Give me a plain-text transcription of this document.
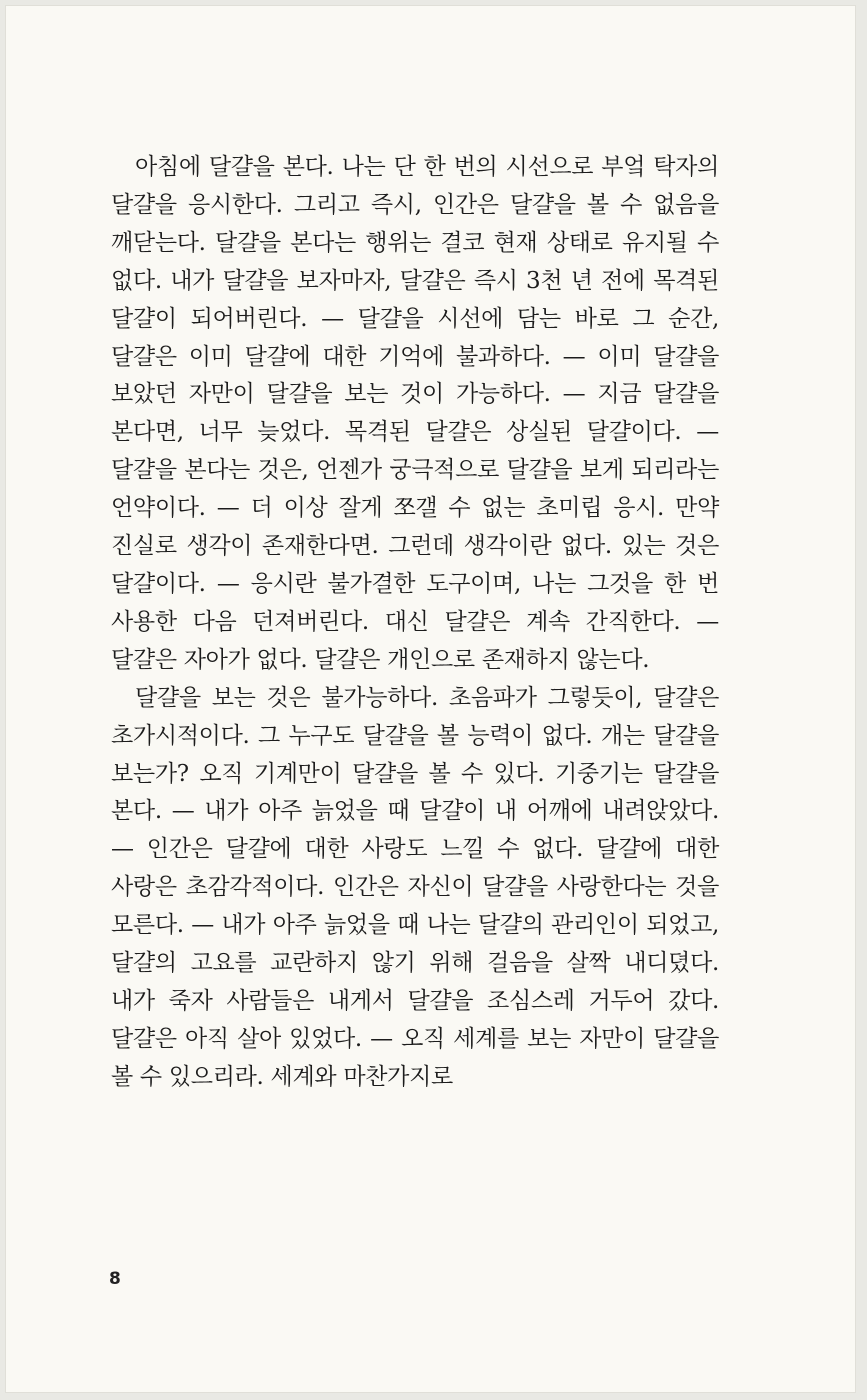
아침에 달걀을 본다. 나는 단 한 번의 시선으로 부엌 탁자의 달걀을 응시한다. 그리고 즉시, 인간은 달걀을 볼 수 없음을 깨닫는다. 달걀을 본다는 행위는 결코 현재 상태로 유지될 수 없다. 내가 달걀을 보자마자, 달걀은 즉시 3천 년 전에 목격된 달걀이 되어버린다. — 달걀을 시선에 담는 바로 그 순간, 달걀은 이미 달걀에 대한 기억에 불과하다. — 이미 달걀을 보았던 자만이 달걀을 보는 것이 가능하다. — 지금 달걀을 본다면, 너무 늦었다. 목격된 달걀은 상실된 달걀이다. — 달걀을 본다는 것은, 언젠가 궁극적으로 달걀을 보게 되리라는 언약이다. — 더 이상 잘게 쪼갤 수 없는 초미립 응시. 만약 진실로 생각이 존재한다면. 그런데 생각이란 없다. 있는 것은 달걀이다. — 응시란 불가결한 도구이며, 나는 그것을 한 번 사용한 다음 던져버린다. 대신 달걀은 계속 간직한다. — 달걀은 자아가 없다. 달걀은 개인으로 존재하지 않는다.

달걀을 보는 것은 불가능하다. 초음파가 그렇듯이, 달걀은 초가시적이다. 그 누구도 달걀을 볼 능력이 없다. 개는 달걀을 보는가? 오직 기계만이 달걀을 볼 수 있다. 기중기는 달걀을 본다. — 내가 아주 늙었을 때 달걀이 내 어깨에 내려앉았다. — 인간은 달걀에 대한 사랑도 느낄 수 없다. 달걀에 대한 사랑은 초감각적이다. 인간은 자신이 달걀을 사랑한다는 것을 모른다. — 내가 아주 늙었을 때 나는 달걀의 관리인이 되었고, 달걀의 고요를 교란하지 않기 위해 걸음을 살짝 내디뎠다. 내가 죽자 사람들은 내게서 달걀을 조심스레 거두어 갔다. 달걀은 아직 살아 있었다. — 오직 세계를 보는 자만이 달걀을 볼 수 있으리라. 세계와 마찬가지로

8
